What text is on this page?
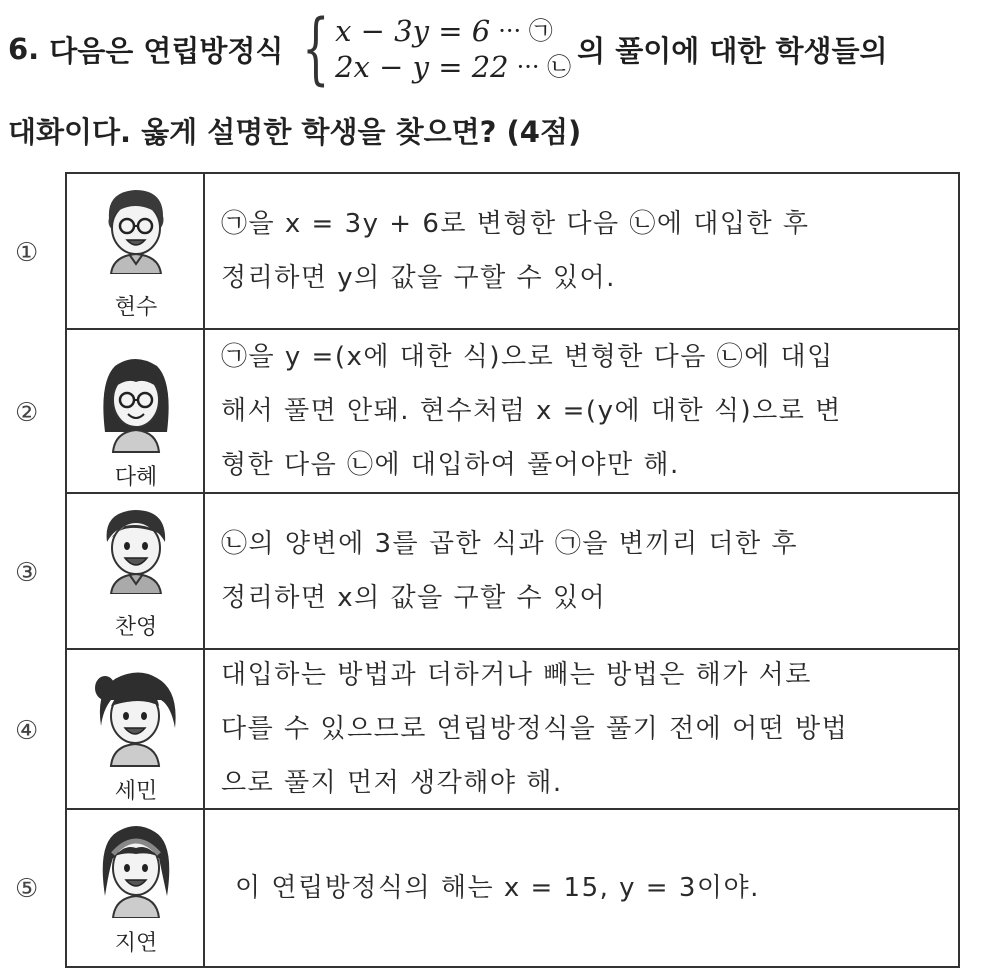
6. 다음은 연립방정식 { x − 3y = 6 ··· ㉠
2x − y = 22 ··· ㉡ 의 풀이에 대한 학생들의
대화이다. 옳게 설명한 학생을 찾으면? (4점)
①
현수
㉠을 x = 3y + 6로 변형한 다음 ㉡에 대입한 후
정리하면 y의 값을 구할 수 있어.
②
다혜
㉠을 y =(x에 대한 식)으로 변형한 다음 ㉡에 대입
해서 풀면 안돼. 현수처럼 x =(y에 대한 식)으로 변
형한 다음 ㉡에 대입하여 풀어야만 해.
③
찬영
㉡의 양변에 3를 곱한 식과 ㉠을 변끼리 더한 후
정리하면 x의 값을 구할 수 있어
④
세민
대입하는 방법과 더하거나 빼는 방법은 해가 서로
다를 수 있으므로 연립방정식을 풀기 전에 어떤 방법
으로 풀지 먼저 생각해야 해.
⑤
지연
이 연립방정식의 해는 x = 15, y = 3이야.
